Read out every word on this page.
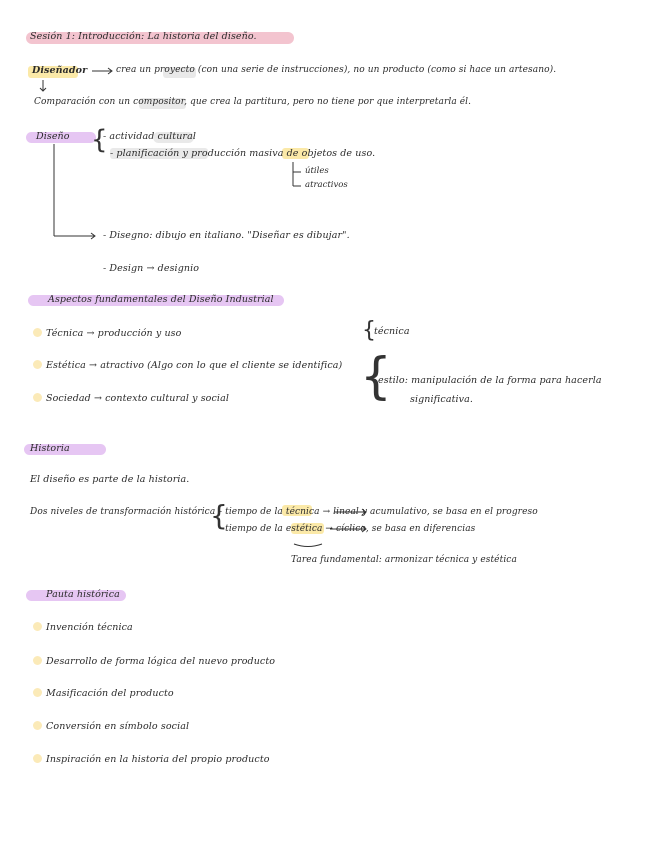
Sesión 1: Introducción: La historia del diseño.
Diseñador	crea un proyecto (con una serie de instrucciones), no un producto (como si hace un artesano).
Comparación con un compositor, que crea la partitura, pero no tiene por que interpretarla él.
Diseño {
- actividad cultural
- planificación y producción masiva de objetos de uso.
útiles
atractivos
- Disegno: dibujo en italiano. "Diseñar es dibujar".
- Design → designio
Aspectos fundamentales del Diseño Industrial
Técnica → producción y uso
Estética → atractivo (Algo con lo que el cliente se identifica)
Sociedad → contexto cultural y social
{
técnica
{
estilo: manipulación de la forma para hacerla
significativa.
Historia
El diseño es parte de la historia.
Dos niveles de transformación histórica
{
- tiempo de la técnica → lineal y acumulativo, se basa en el progreso
- tiempo de la estética → cíclico, se basa en diferencias
Tarea fundamental: armonizar técnica y estética
Pauta histórica
Invención técnica
Desarrollo de forma lógica del nuevo producto
Masificación del producto
Conversión en símbolo social
Inspiración en la historia del propio producto
